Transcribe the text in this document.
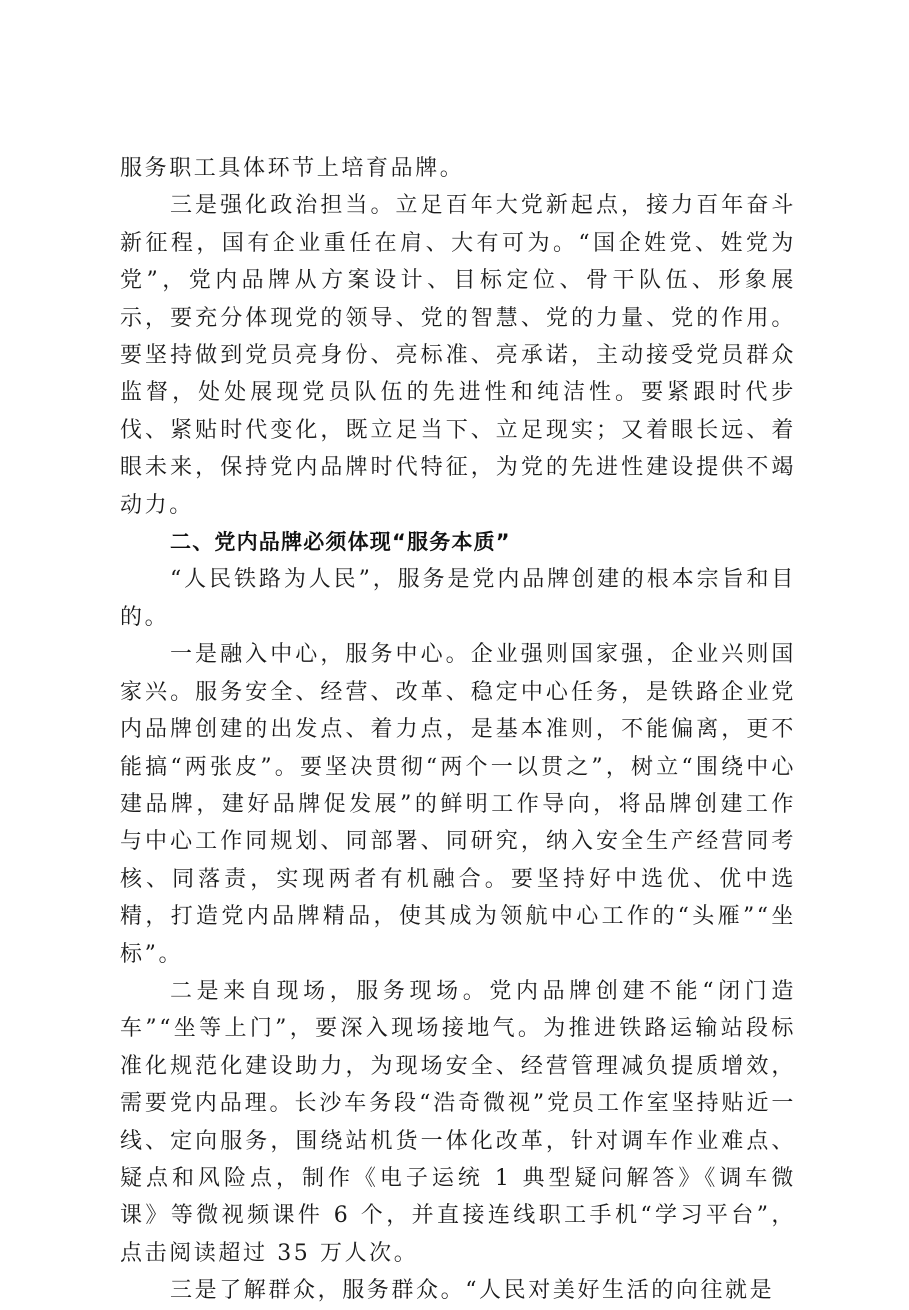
服务职工具体环节上培育品牌。

三是强化政治担当。立足百年大党新起点，接力百年奋斗新征程，国有企业重任在肩、大有可为。“国企姓党、姓党为党”，党内品牌从方案设计、目标定位、骨干队伍、形象展示，要充分体现党的领导、党的智慧、党的力量、党的作用。要坚持做到党员亮身份、亮标准、亮承诺，主动接受党员群众监督，处处展现党员队伍的先进性和纯洁性。要紧跟时代步伐、紧贴时代变化，既立足当下、立足现实；又着眼长远、着眼未来，保持党内品牌时代特征，为党的先进性建设提供不竭动力。

二、党内品牌必须体现“服务本质”

“人民铁路为人民”，服务是党内品牌创建的根本宗旨和目的。

一是融入中心，服务中心。企业强则国家强，企业兴则国家兴。服务安全、经营、改革、稳定中心任务，是铁路企业党内品牌创建的出发点、着力点，是基本准则，不能偏离，更不能搞“两张皮”。要坚决贯彻“两个一以贯之”，树立“围绕中心建品牌，建好品牌促发展”的鲜明工作导向，将品牌创建工作与中心工作同规划、同部署、同研究，纳入安全生产经营同考核、同落责，实现两者有机融合。要坚持好中选优、优中选精，打造党内品牌精品，使其成为领航中心工作的“头雁”“坐标”。

二是来自现场，服务现场。党内品牌创建不能“闭门造车”“坐等上门”，要深入现场接地气。为推进铁路运输站段标准化规范化建设助力，为现场安全、经营管理减负提质增效，需要党内品理。长沙车务段“浩奇微视”党员工作室坚持贴近一线、定向服务，围绕站机货一体化改革，针对调车作业难点、疑点和风险点，制作《电子运统 1 典型疑问解答》《调车微课》等微视频课件 6 个，并直接连线职工手机“学习平台”，点击阅读超过 35 万人次。

三是了解群众，服务群众。“人民对美好生活的向往就是
